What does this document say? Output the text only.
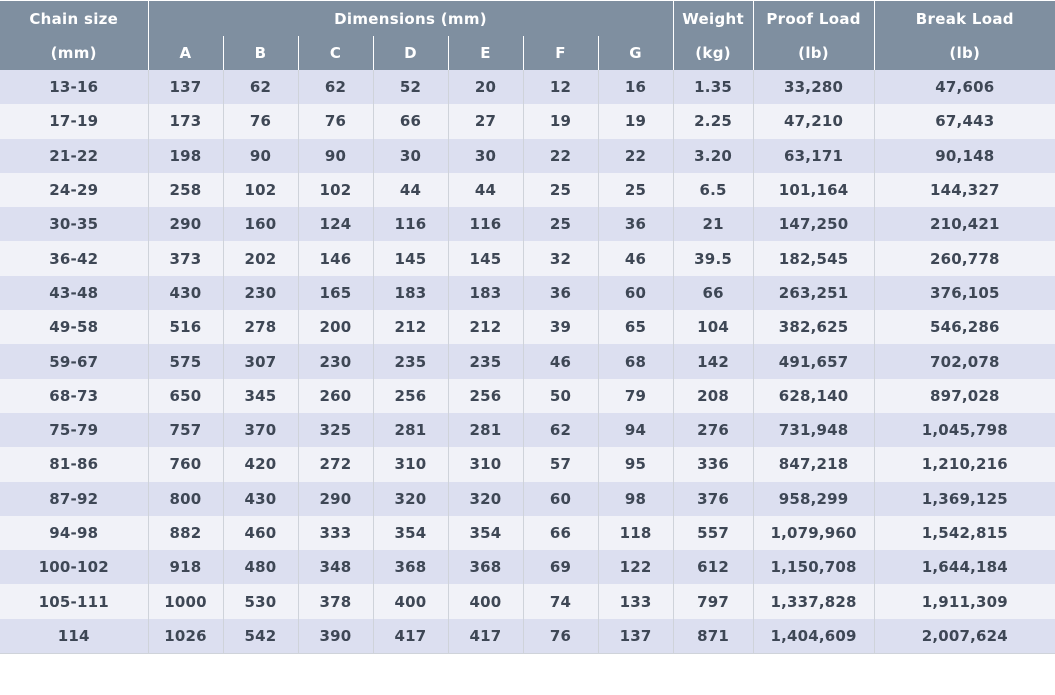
Chain size	Dimensions (mm)							Weight	Proof Load	Break Load
(mm)	A	B	C	D	E	F	G	(kg)	(lb)	(lb)
13-16	137	62	62	52	20	12	16	1.35	33,280	47,606
17-19	173	76	76	66	27	19	19	2.25	47,210	67,443
21-22	198	90	90	30	30	22	22	3.20	63,171	90,148
24-29	258	102	102	44	44	25	25	6.5	101,164	144,327
30-35	290	160	124	116	116	25	36	21	147,250	210,421
36-42	373	202	146	145	145	32	46	39.5	182,545	260,778
43-48	430	230	165	183	183	36	60	66	263,251	376,105
49-58	516	278	200	212	212	39	65	104	382,625	546,286
59-67	575	307	230	235	235	46	68	142	491,657	702,078
68-73	650	345	260	256	256	50	79	208	628,140	897,028
75-79	757	370	325	281	281	62	94	276	731,948	1,045,798
81-86	760	420	272	310	310	57	95	336	847,218	1,210,216
87-92	800	430	290	320	320	60	98	376	958,299	1,369,125
94-98	882	460	333	354	354	66	118	557	1,079,960	1,542,815
100-102	918	480	348	368	368	69	122	612	1,150,708	1,644,184
105-111	1000	530	378	400	400	74	133	797	1,337,828	1,911,309
114	1026	542	390	417	417	76	137	871	1,404,609	2,007,624
